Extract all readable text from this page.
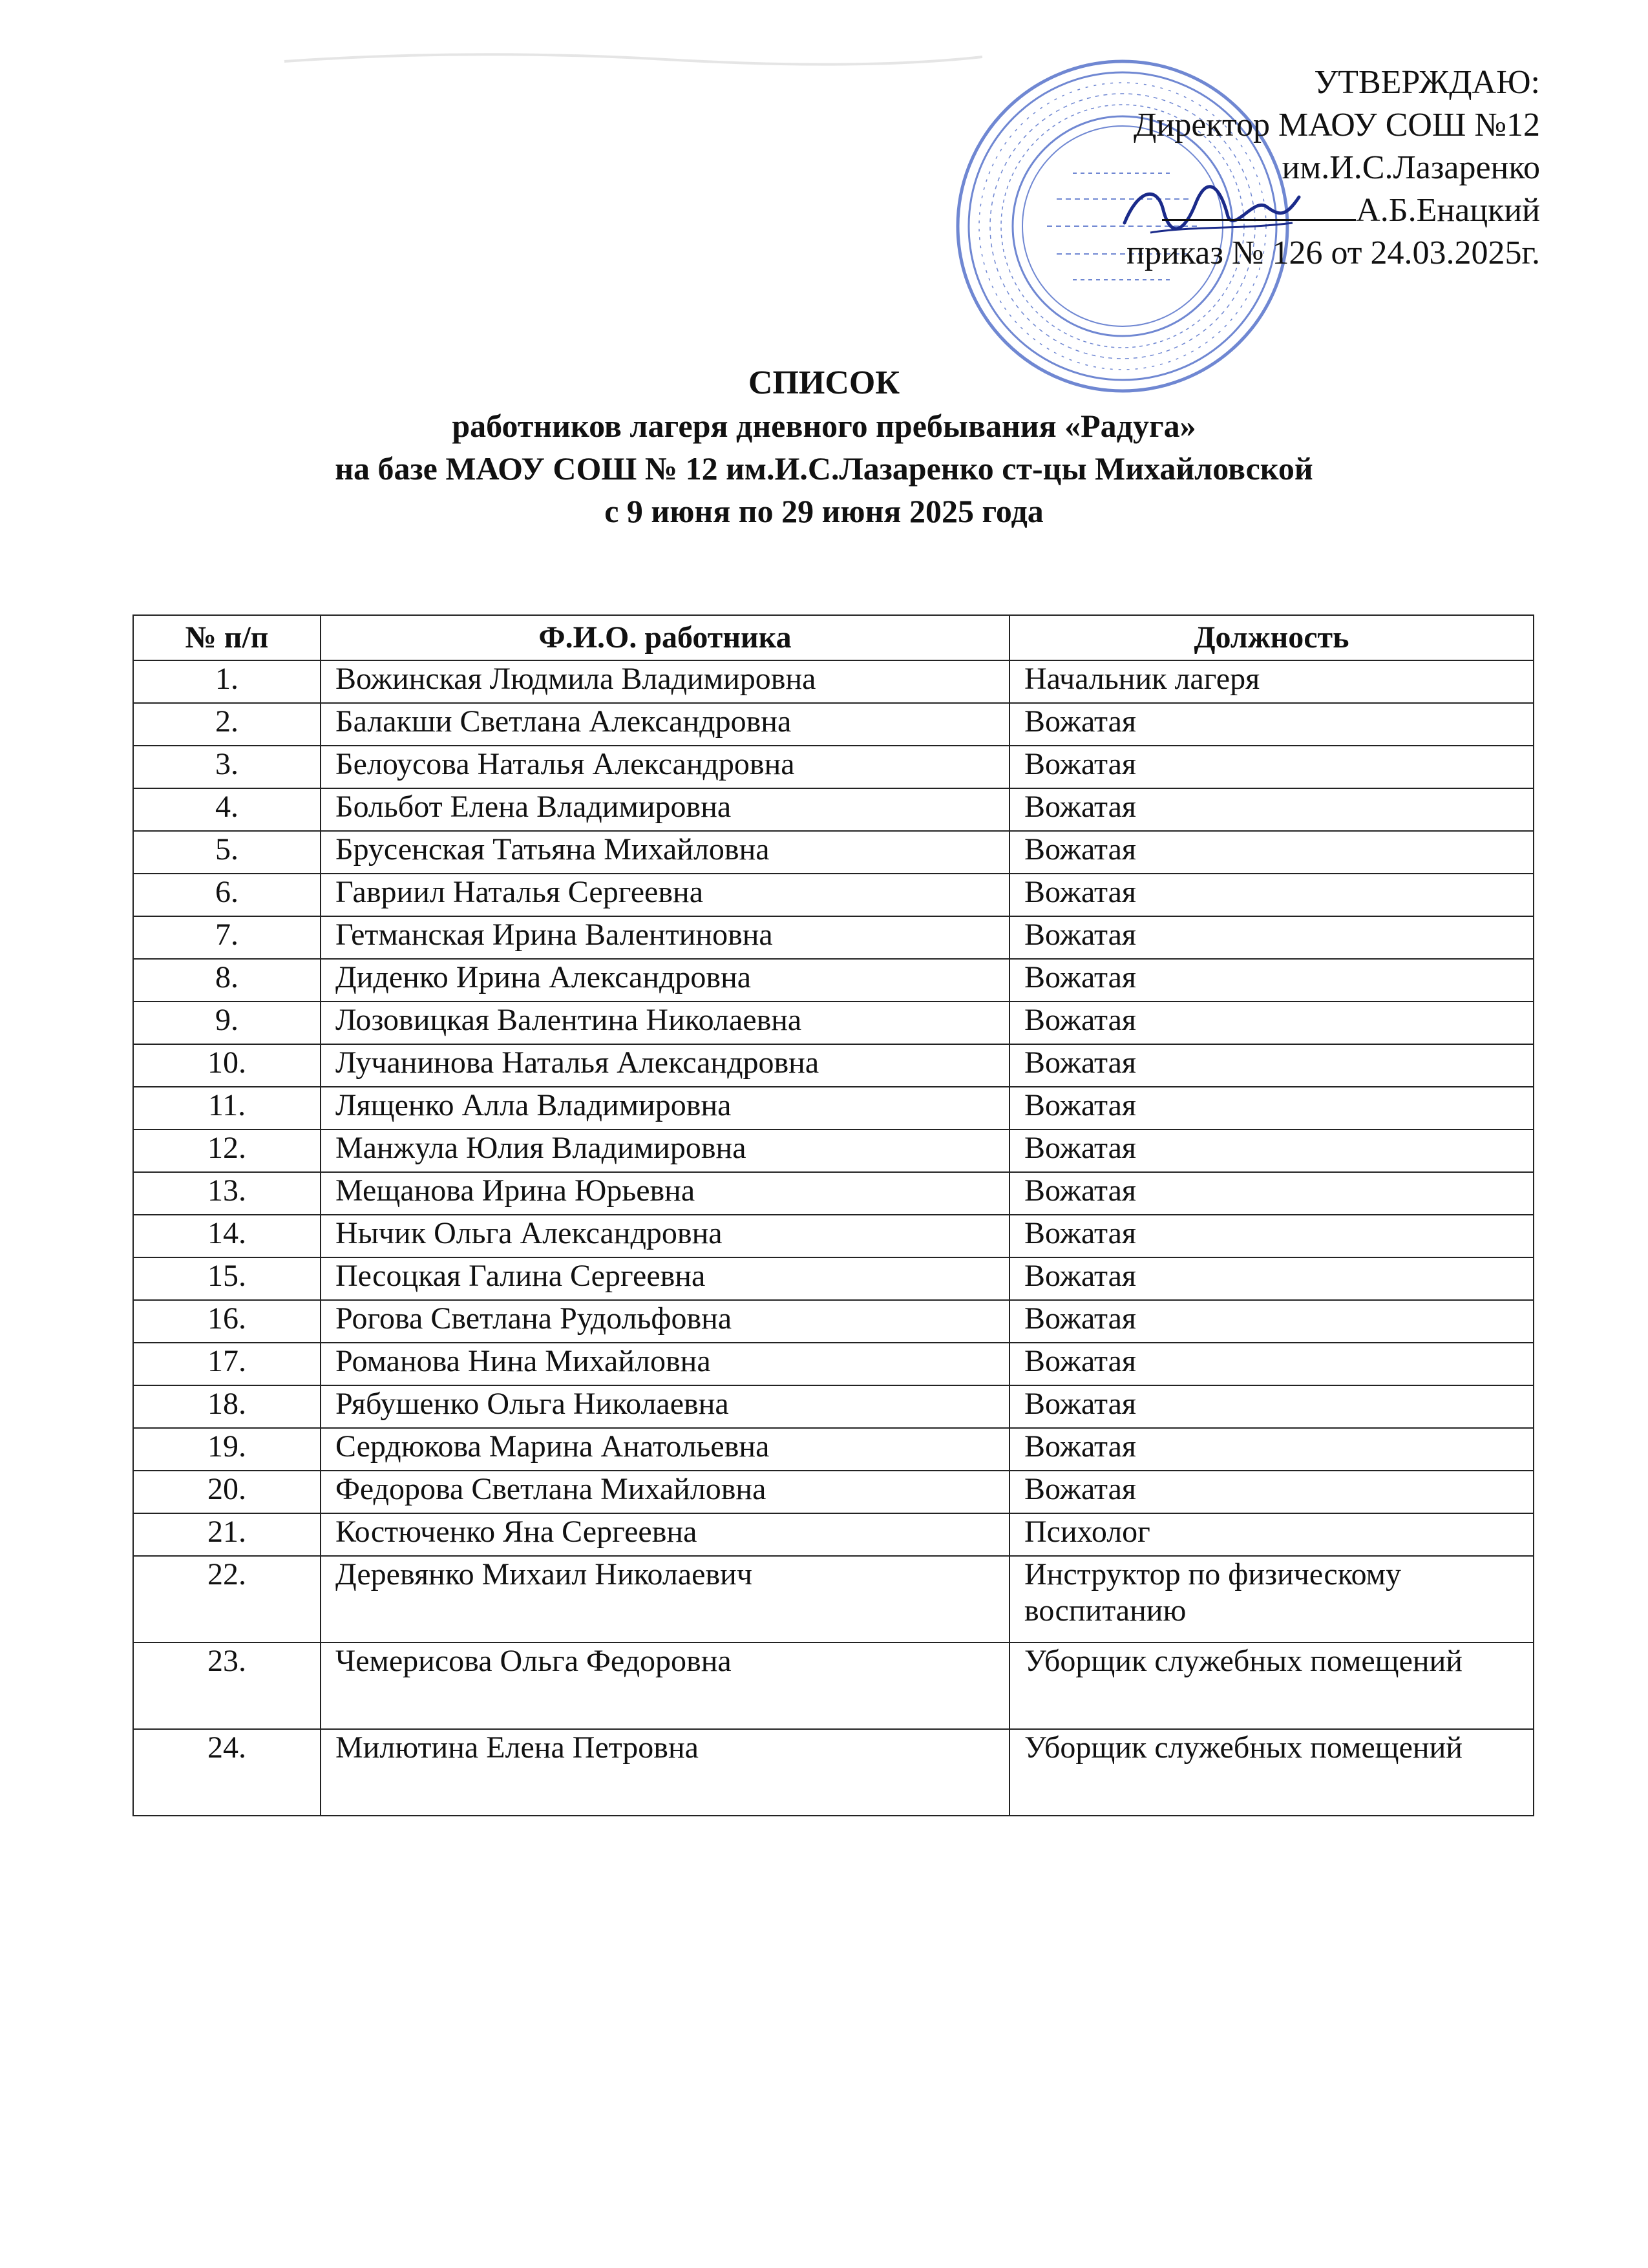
УТВЕРЖДАЮ:
Директор МАОУ СОШ №12
им.И.С.Лазаренко
А.Б.Енацкий
приказ № 126 от 24.03.2025г.
СПИСОК
работников лагеря дневного пребывания «Радуга»
на базе МАОУ СОШ № 12 им.И.С.Лазаренко ст-цы Михайловской
с 9 июня по 29 июня 2025 года
№ п/п	Ф.И.О. работника	Должность
1.	Вожинская Людмила Владимировна	Начальник лагеря
2.	Балакши Светлана Александровна	Вожатая
3.	Белоусова Наталья Александровна	Вожатая
4.	Больбот Елена Владимировна	Вожатая
5.	Брусенская Татьяна Михайловна	Вожатая
6.	Гавриил Наталья Сергеевна	Вожатая
7.	Гетманская Ирина Валентиновна	Вожатая
8.	Диденко Ирина Александровна	Вожатая
9.	Лозовицкая Валентина Николаевна	Вожатая
10.	Лучанинова Наталья Александровна	Вожатая
11.	Лященко Алла Владимировна	Вожатая
12.	Манжула Юлия Владимировна	Вожатая
13.	Мещанова Ирина Юрьевна	Вожатая
14.	Нычик Ольга Александровна	Вожатая
15.	Песоцкая Галина Сергеевна	Вожатая
16.	Рогова Светлана Рудольфовна	Вожатая
17.	Романова Нина Михайловна	Вожатая
18.	Рябушенко Ольга Николаевна	Вожатая
19.	Сердюкова Марина Анатольевна	Вожатая
20.	Федорова Светлана Михайловна	Вожатая
21.	Костюченко Яна Сергеевна	Психолог
22.	Деревянко Михаил Николаевич	Инструктор по физическому воспитанию
23.	Чемерисова Ольга Федоровна	Уборщик служебных помещений
24.	Милютина Елена Петровна	Уборщик служебных помещений
